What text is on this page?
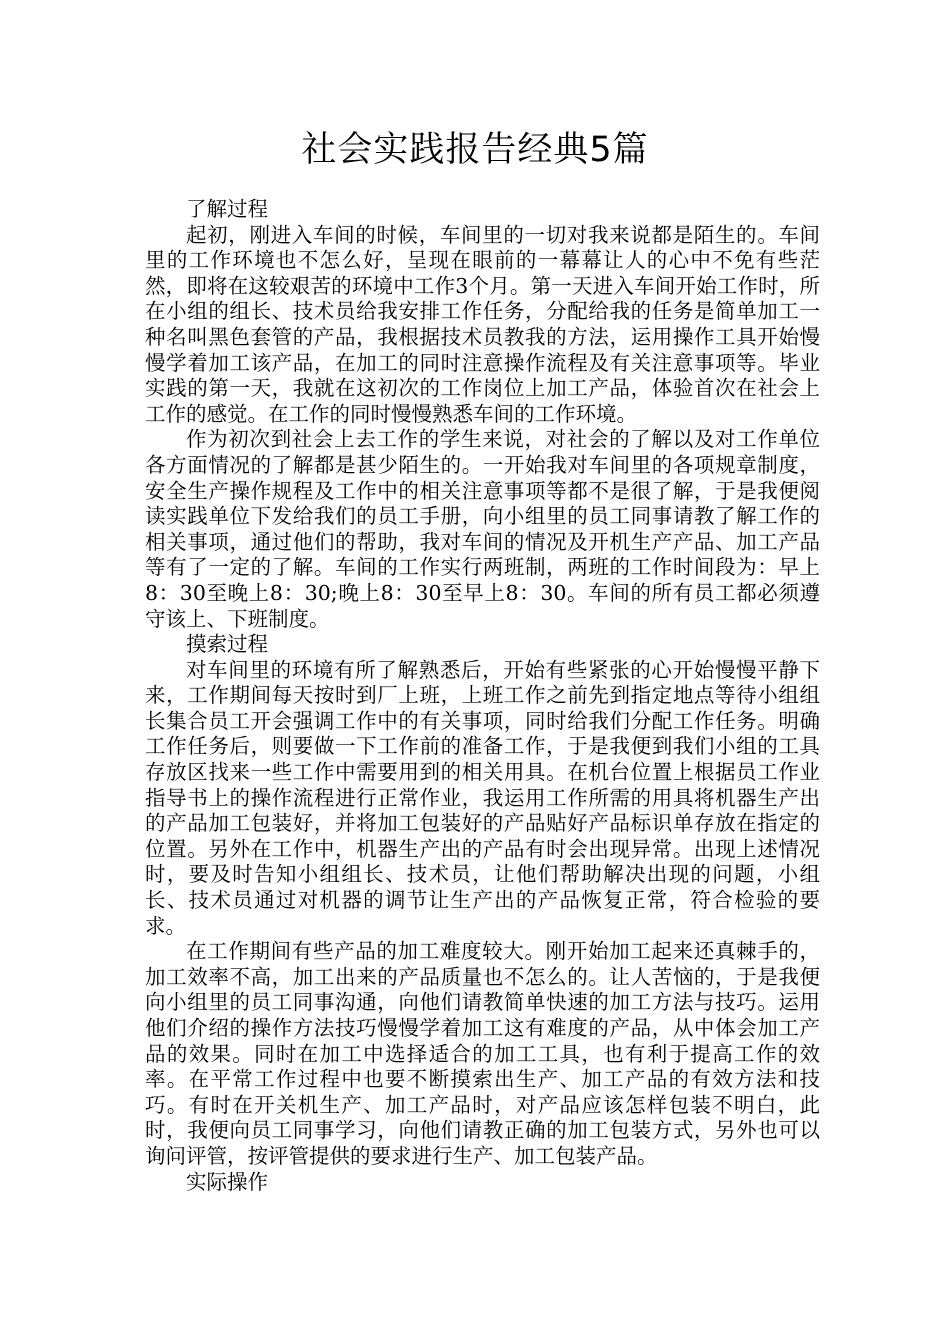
社会实践报告经典5篇

了解过程

起初，刚进入车间的时候，车间里的一切对我来说都是陌生的。车间里的工作环境也不怎么好，呈现在眼前的一幕幕让人的心中不免有些茫然，即将在这较艰苦的环境中工作3个月。第一天进入车间开始工作时，所在小组的组长、技术员给我安排工作任务，分配给我的任务是简单加工一种名叫黑色套管的产品，我根据技术员教我的方法，运用操作工具开始慢慢学着加工该产品，在加工的同时注意操作流程及有关注意事项等。毕业实践的第一天，我就在这初次的工作岗位上加工产品，体验首次在社会上工作的感觉。在工作的同时慢慢熟悉车间的工作环境。

作为初次到社会上去工作的学生来说，对社会的了解以及对工作单位各方面情况的了解都是甚少陌生的。一开始我对车间里的各项规章制度，安全生产操作规程及工作中的相关注意事项等都不是很了解，于是我便阅读实践单位下发给我们的员工手册，向小组里的员工同事请教了解工作的相关事项，通过他们的帮助，我对车间的情况及开机生产产品、加工产品等有了一定的了解。车间的工作实行两班制，两班的工作时间段为：早上8：30至晚上8：30;晚上8：30至早上8：30。车间的所有员工都必须遵守该上、下班制度。

摸索过程

对车间里的环境有所了解熟悉后，开始有些紧张的心开始慢慢平静下来，工作期间每天按时到厂上班，上班工作之前先到指定地点等待小组组长集合员工开会强调工作中的有关事项，同时给我们分配工作任务。明确工作任务后，则要做一下工作前的准备工作，于是我便到我们小组的工具存放区找来一些工作中需要用到的相关用具。在机台位置上根据员工作业指导书上的操作流程进行正常作业，我运用工作所需的用具将机器生产出的产品加工包装好，并将加工包装好的产品贴好产品标识单存放在指定的位置。另外在工作中，机器生产出的产品有时会出现异常。出现上述情况时，要及时告知小组组长、技术员，让他们帮助解决出现的问题，小组长、技术员通过对机器的调节让生产出的产品恢复正常，符合检验的要求。

在工作期间有些产品的加工难度较大。刚开始加工起来还真棘手的，加工效率不高，加工出来的产品质量也不怎么的。让人苦恼的，于是我便向小组里的员工同事沟通，向他们请教简单快速的加工方法与技巧。运用他们介绍的操作方法技巧慢慢学着加工这有难度的产品，从中体会加工产品的效果。同时在加工中选择适合的加工工具，也有利于提高工作的效率。在平常工作过程中也要不断摸索出生产、加工产品的有效方法和技巧。有时在开关机生产、加工产品时，对产品应该怎样包装不明白，此时，我便向员工同事学习，向他们请教正确的加工包装方式，另外也可以询问评管，按评管提供的要求进行生产、加工包装产品。

实际操作
